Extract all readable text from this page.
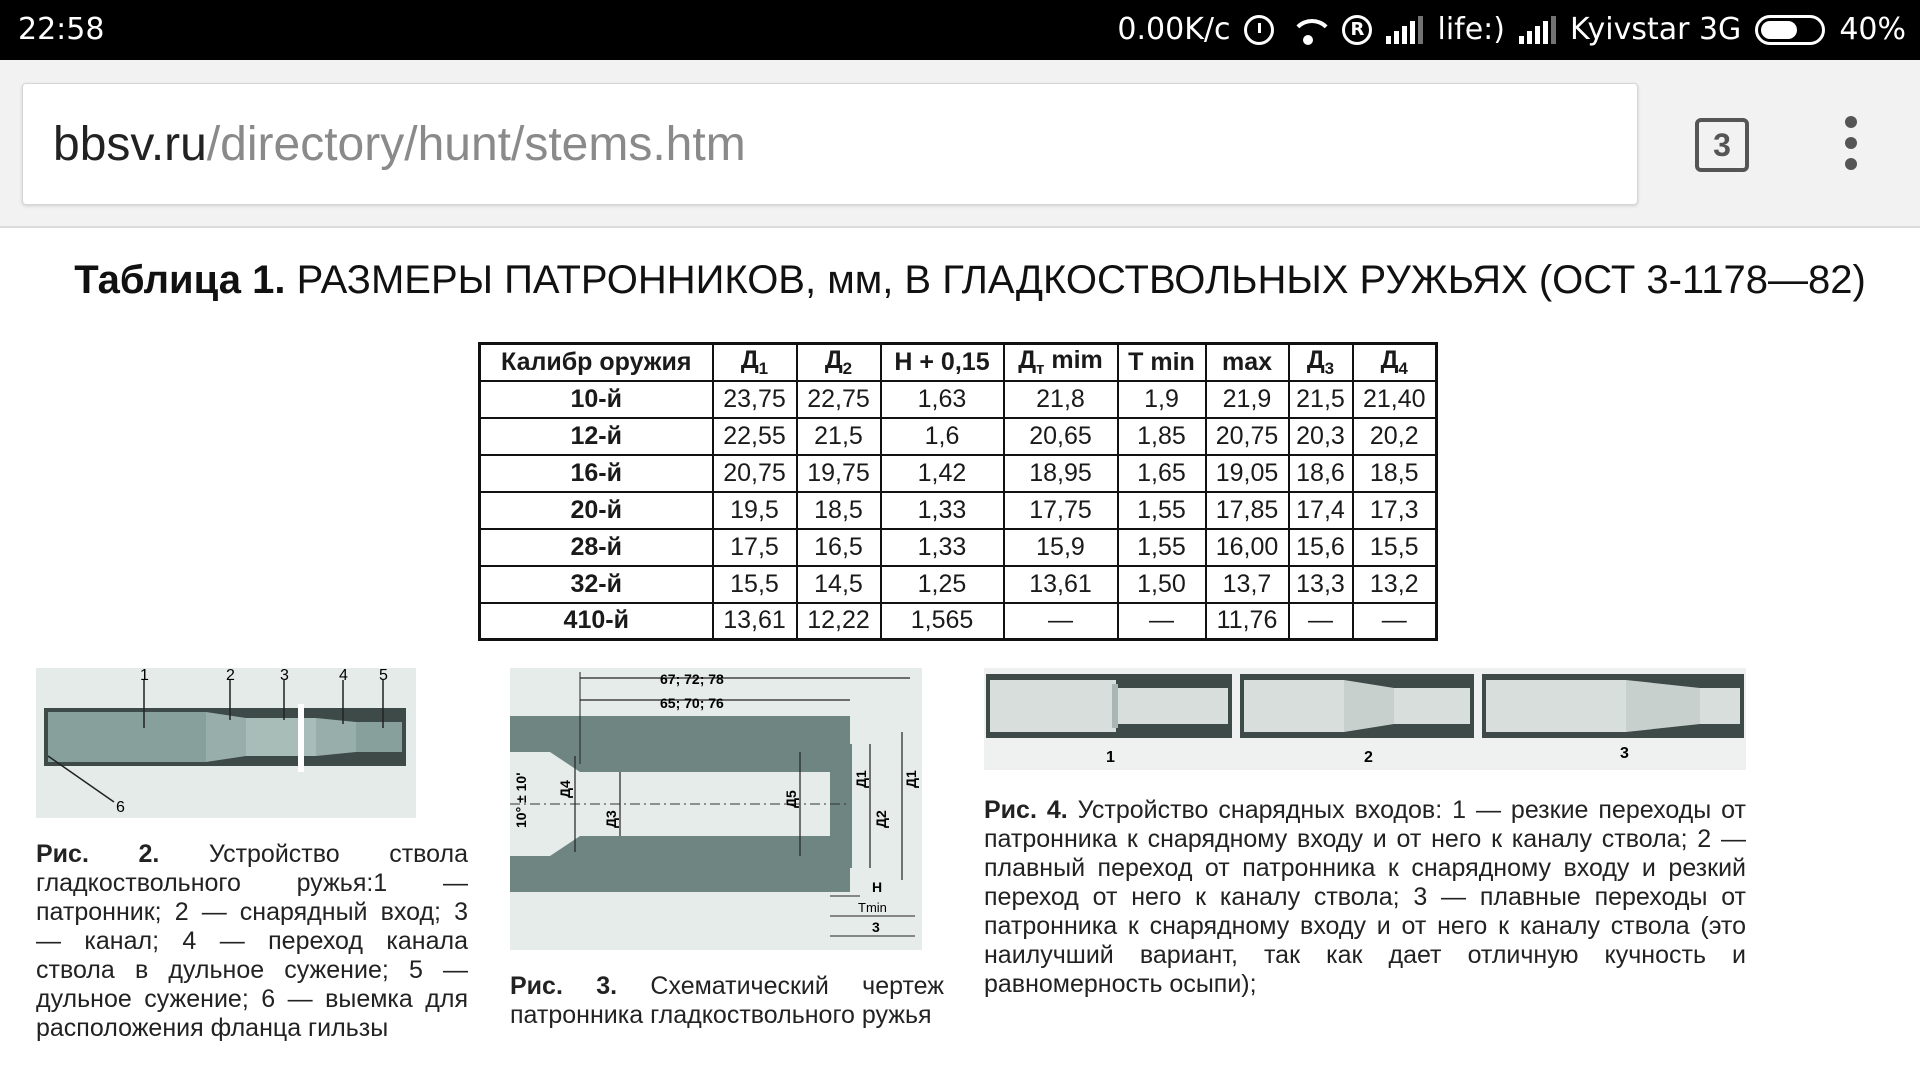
22:58	0.00K/c	R life:) Kyivstar 3G	40%
bbsv.ru/directory/hunt/stems.htm	3
Таблица 1. РАЗМЕРЫ ПАТРОННИКОВ, мм, В ГЛАДКОСТВОЛЬНЫХ РУЖЬЯХ (ОСТ 3-1178—82)
Калибр оружия	$Д_1$	$Д_2$	H + 0,15	$Д_т$ mim	T min	max	$Д_3$	$Д_4$
10-й	23,75	22,75	1,63	21,8	1,9	21,9	21,5	21,40
12-й	22,55	21,5	1,6	20,65	1,85	20,75	20,3	20,2
16-й	20,75	19,75	1,42	18,95	1,65	19,05	18,6	18,5
20-й	19,5	18,5	1,33	17,75	1,55	17,85	17,4	17,3
28-й	17,5	16,5	1,33	15,9	1,55	16,00	15,6	15,5
32-й	15,5	14,5	1,25	13,61	1,50	13,7	13,3	13,2
410-й	13,61	12,22	1,565	—	—	11,76	—	—
1	2	3	4 5
6
Рис. 2. Устройство ствола гладкоствольного ружья:1 — патронник; 2 — снарядный вход; 3 — канал; 4 — переход канала ствола в дульное сужение; 5 — дульное сужение; 6 — выемка для расположения фланца гильзы
67; 72; 78
65; 70; 76
10° ± 10' Д4
Д3
Д5
Д1
Д2
Д1
H
Tmin
3
Рис. 3. Схематический чертеж патронника гладкоствольного ружья
1	2	3
Рис. 4. Устройство снарядных входов: 1 — резкие переходы от патронника к снарядному входу и от него к каналу ствола; 2 — плавный переход от патронника к снарядному входу и резкий переход от него к каналу ствола; 3 — плавные переходы от патронника к снарядному входу и от него к каналу ствола (это наилучший вариант, так как дает отличную кучность и равномерность осыпи);
